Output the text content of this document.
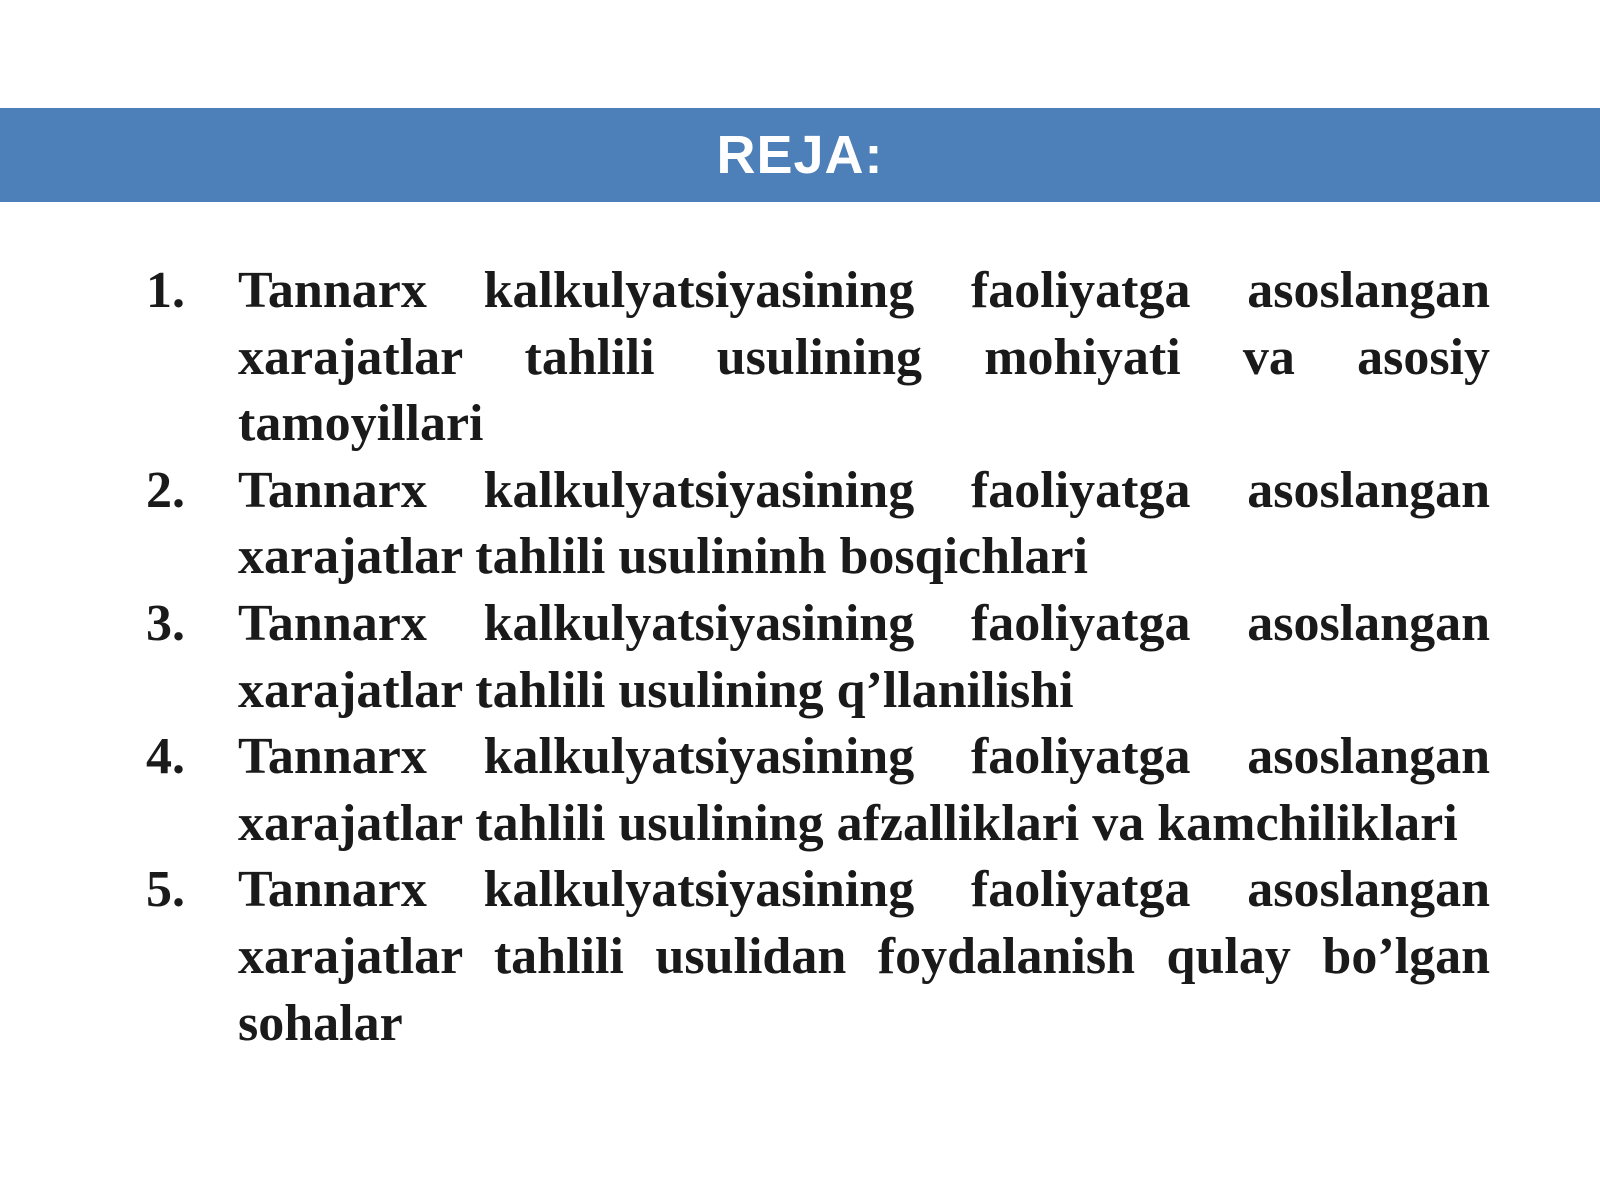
REJA:
1.	Tannarx kalkulyatsiyasining faoliyatga asoslangan xarajatlar tahlili usulining mohiyati va asosiy tamoyillari
2.	Tannarx kalkulyatsiyasining faoliyatga asoslangan xarajatlar tahlili usulininh bosqichlari
3.	Tannarx kalkulyatsiyasining faoliyatga asoslangan xarajatlar tahlili usulining q’llanilishi
4.	Tannarx kalkulyatsiyasining faoliyatga asoslangan xarajatlar tahlili usulining afzalliklari va kamchiliklari
5.	Tannarx kalkulyatsiyasining faoliyatga asoslangan xarajatlar tahlili usulidan foydalanish qulay bo’lgan sohalar
